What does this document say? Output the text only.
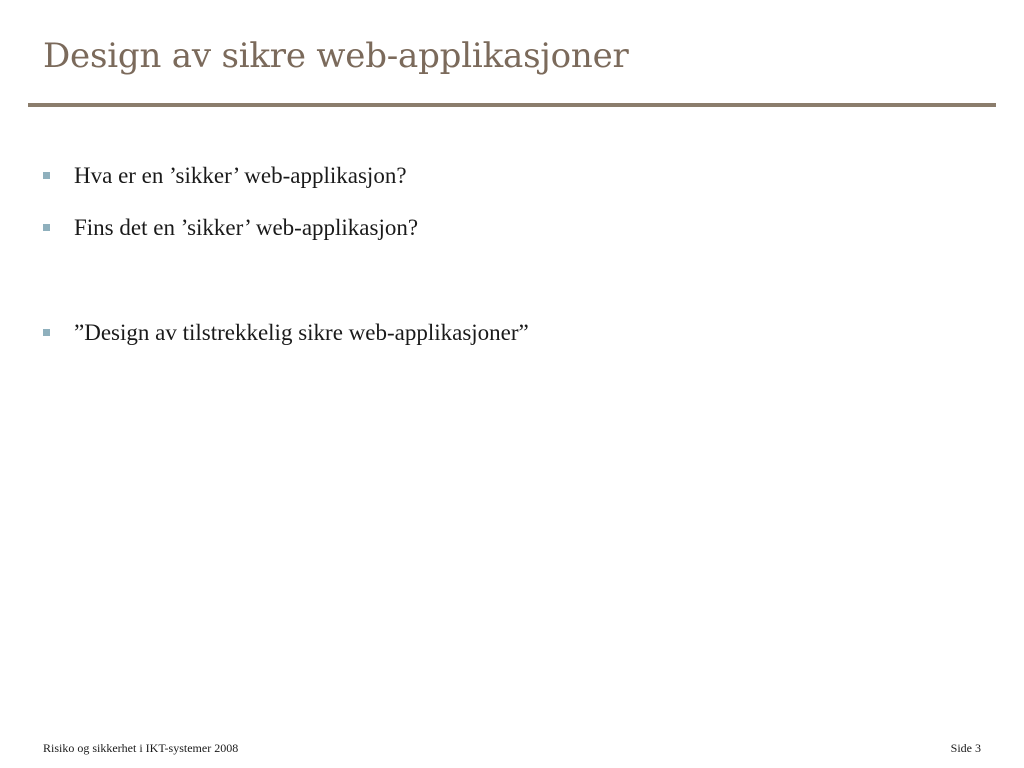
Design av sikre web-applikasjoner
Hva er en ’sikker’ web-applikasjon?
Fins det en ’sikker’ web-applikasjon?
”Design av tilstrekkelig sikre web-applikasjoner”
Risiko og sikkerhet i IKT-systemer 2008	Side 3
